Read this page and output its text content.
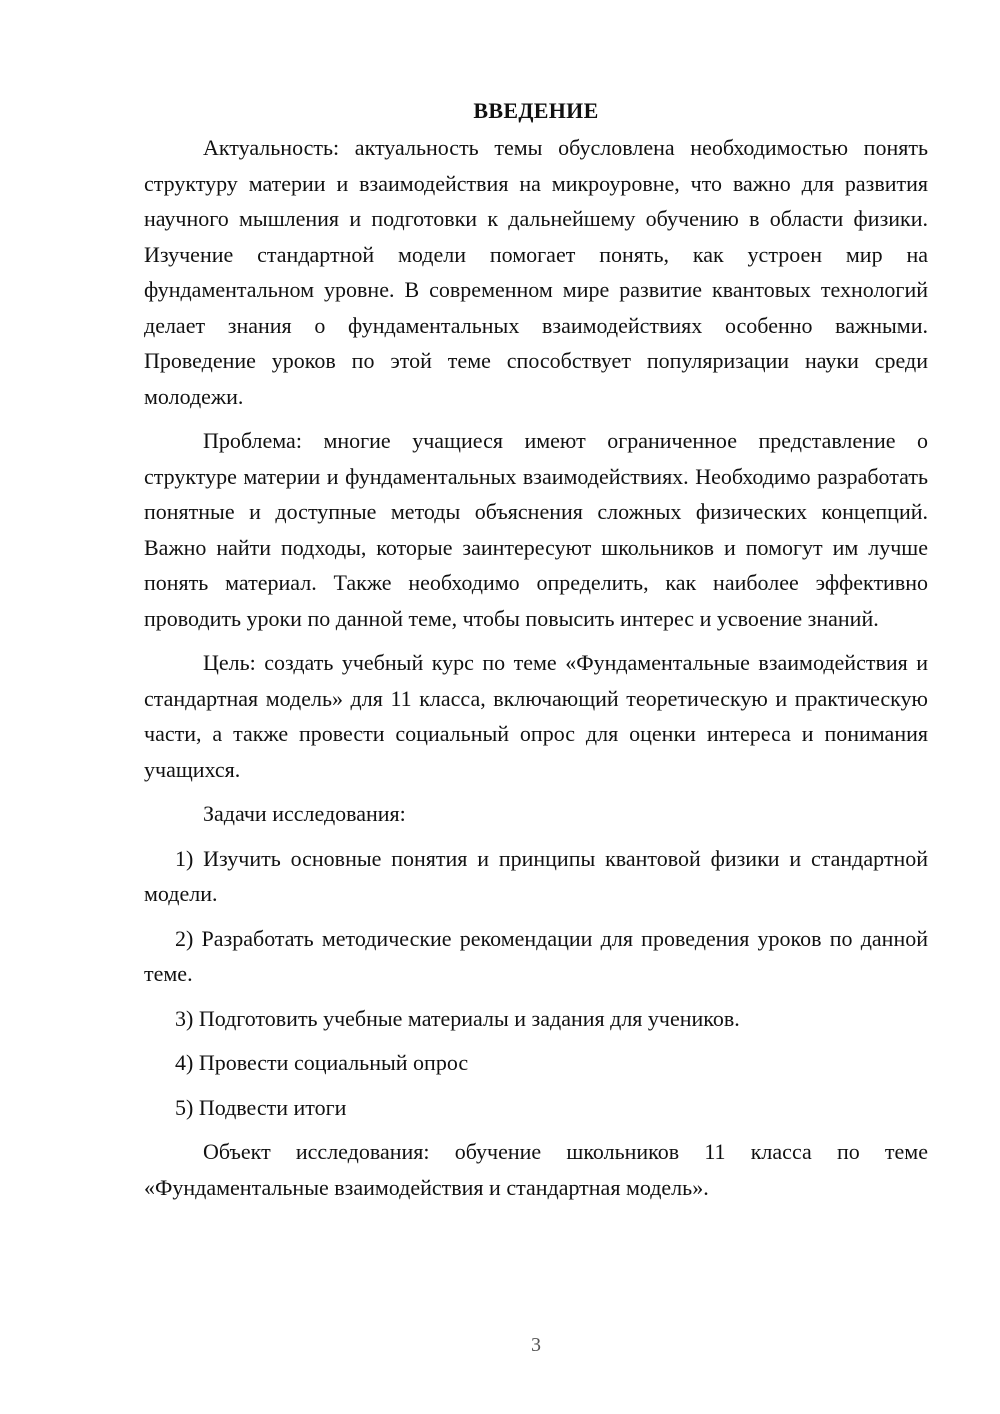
ВВЕДЕНИЕ

Актуальность: актуальность темы обусловлена необходимостью понять структуру материи и взаимодействия на микроуровне, что важно для развития научного мышления и подготовки к дальнейшему обучению в области физики. Изучение стандартной модели помогает понять, как устроен мир на фундаментальном уровне. В современном мире развитие квантовых технологий делает знания о фундаментальных взаимодействиях особенно важными. Проведение уроков по этой теме способствует популяризации науки среди молодежи.

Проблема: многие учащиеся имеют ограниченное представление о структуре материи и фундаментальных взаимодействиях. Необходимо разработать понятные и доступные методы объяснения сложных физических концепций. Важно найти подходы, которые заинтересуют школьников и помогут им лучше понять материал. Также необходимо определить, как наиболее эффективно проводить уроки по данной теме, чтобы повысить интерес и усвоение знаний.

Цель: создать учебный курс по теме «Фундаментальные взаимодействия и стандартная модель» для 11 класса, включающий теоретическую и практическую части, а также провести социальный опрос для оценки интереса и понимания учащихся.

Задачи исследования:

1) Изучить основные понятия и принципы квантовой физики и стандартной модели.

2) Разработать методические рекомендации для проведения уроков по данной теме.

3) Подготовить учебные материалы и задания для учеников.

4) Провести социальный опрос

5) Подвести итоги

Объект исследования: обучение школьников 11 класса по теме «Фундаментальные взаимодействия и стандартная модель».

3
